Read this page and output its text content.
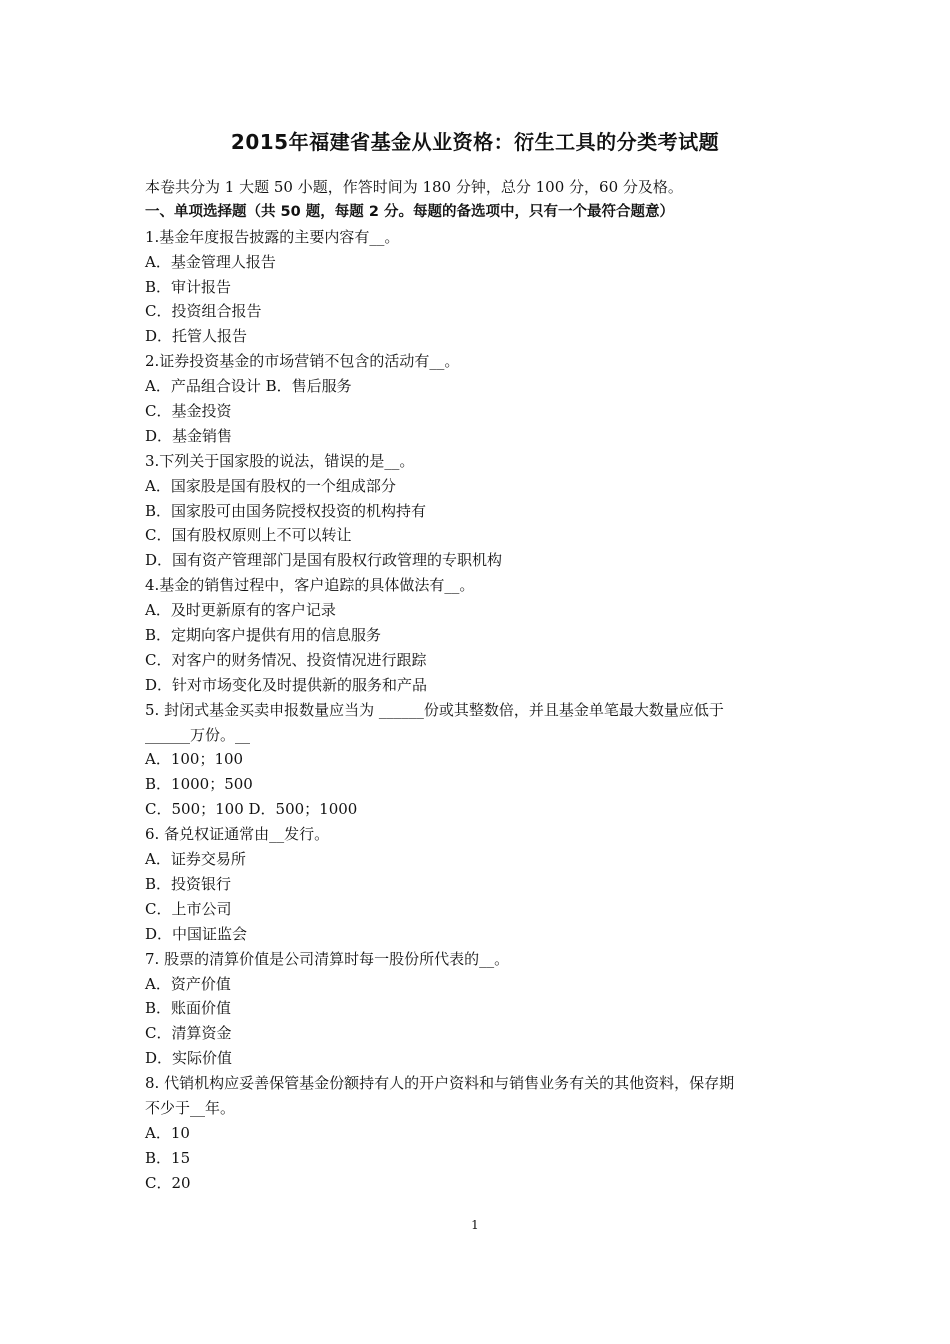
2015年福建省基金从业资格：衍生工具的分类考试题
本卷共分为 1 大题 50 小题，作答时间为 180 分钟，总分 100 分，60 分及格。
一、单项选择题（共 50 题，每题 2 分。每题的备选项中，只有一个最符合题意）
1.基金年度报告披露的主要内容有__。
A．基金管理人报告
B．审计报告
C．投资组合报告
D．托管人报告
2.证券投资基金的市场营销不包含的活动有__。
A．产品组合设计 B．售后服务
C．基金投资
D．基金销售
3.下列关于国家股的说法，错误的是__。
A．国家股是国有股权的一个组成部分
B．国家股可由国务院授权投资的机构持有
C．国有股权原则上不可以转让
D．国有资产管理部门是国有股权行政管理的专职机构
4.基金的销售过程中，客户追踪的具体做法有__。
A．及时更新原有的客户记录
B．定期向客户提供有用的信息服务
C．对客户的财务情况、投资情况进行跟踪
D．针对市场变化及时提供新的服务和产品
5. 封闭式基金买卖申报数量应当为 ______份或其整数倍，并且基金单笔最大数量应低于
______万份。__
A．100；100
B．1000；500
C．500；100 D．500；1000
6. 备兑权证通常由__发行。
A．证券交易所
B．投资银行
C．上市公司
D．中国证监会
7. 股票的清算价值是公司清算时每一股份所代表的__。
A．资产价值
B．账面价值
C．清算资金
D．实际价值
8. 代销机构应妥善保管基金份额持有人的开户资料和与销售业务有关的其他资料，保存期
不少于__年。
A．10
B．15
C．20
1
